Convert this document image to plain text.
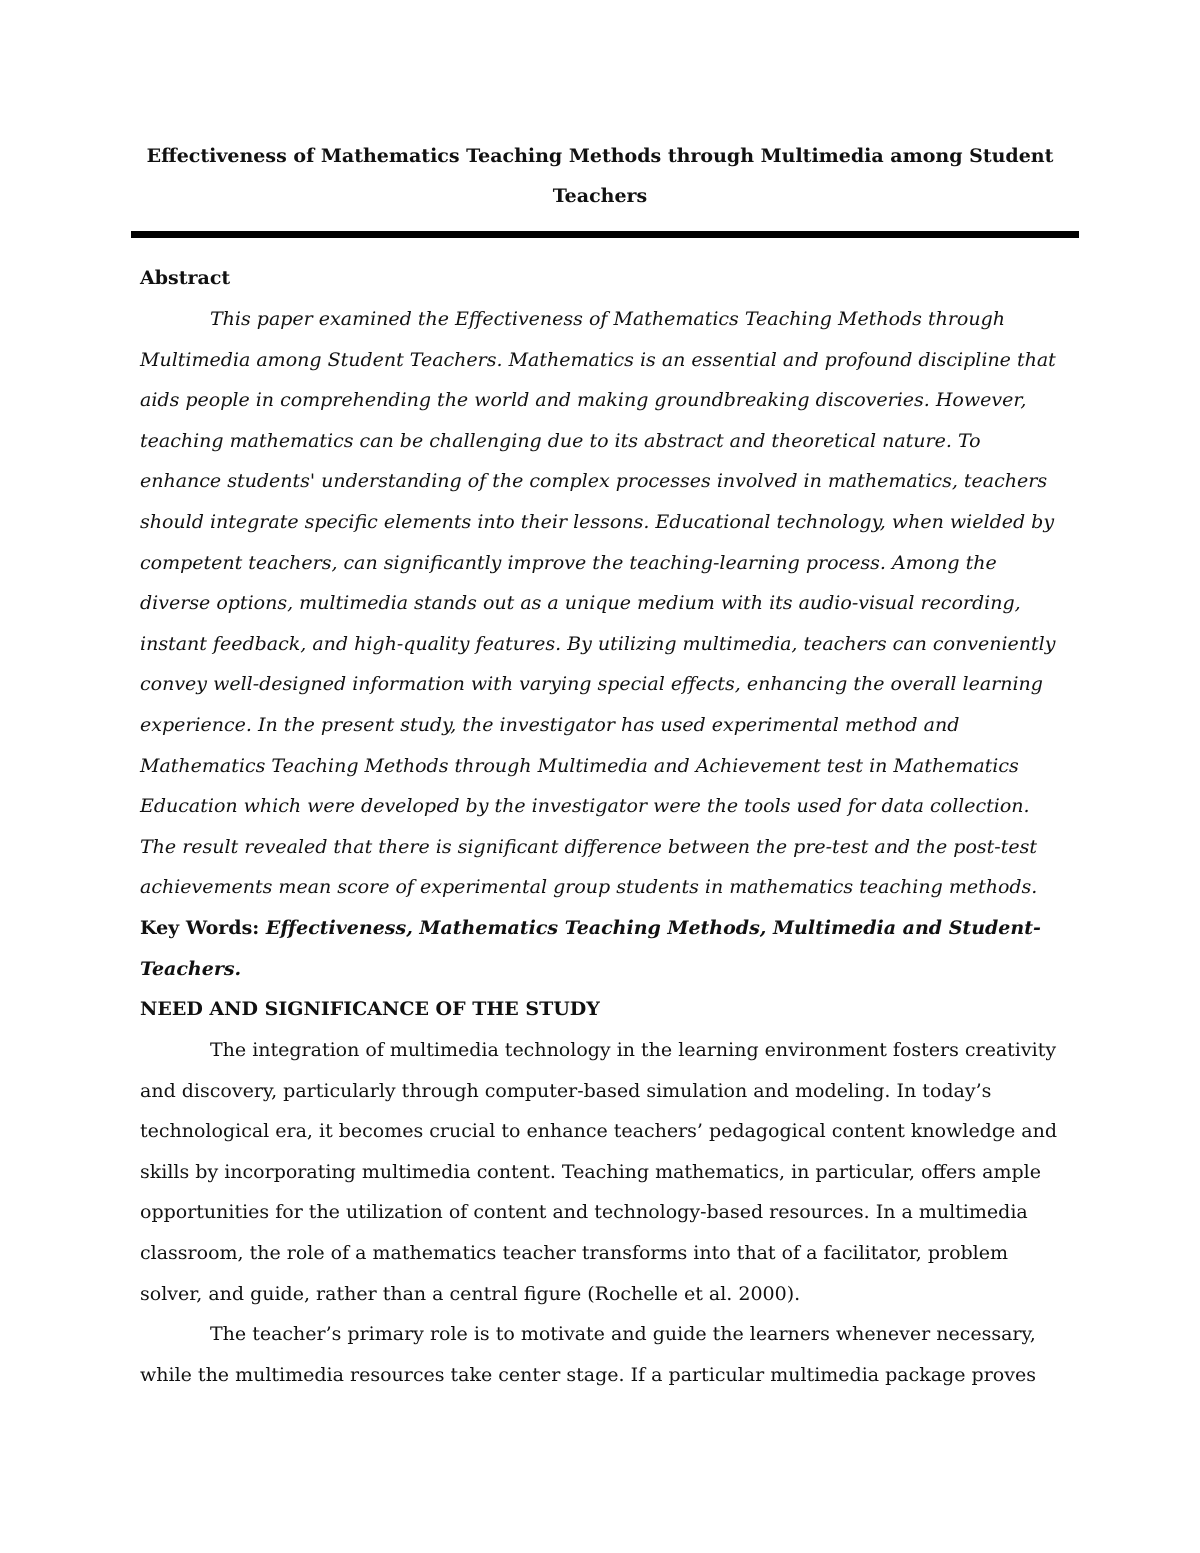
Effectiveness of Mathematics Teaching Methods through Multimedia among Student Teachers

Abstract

This paper examined the Effectiveness of Mathematics Teaching Methods through Multimedia among Student Teachers. Mathematics is an essential and profound discipline that aids people in comprehending the world and making groundbreaking discoveries. However, teaching mathematics can be challenging due to its abstract and theoretical nature. To enhance students' understanding of the complex processes involved in mathematics, teachers should integrate specific elements into their lessons. Educational technology, when wielded by competent teachers, can significantly improve the teaching-learning process. Among the diverse options, multimedia stands out as a unique medium with its audio-visual recording, instant feedback, and high-quality features. By utilizing multimedia, teachers can conveniently convey well-designed information with varying special effects, enhancing the overall learning experience. In the present study, the investigator has used experimental method and Mathematics Teaching Methods through Multimedia and Achievement test in Mathematics Education which were developed by the investigator were the tools used for data collection. The result revealed that there is significant difference between the pre-test and the post-test achievements mean score of experimental group students in mathematics teaching methods.

Key Words: Effectiveness, Mathematics Teaching Methods, Multimedia and Student-Teachers.

NEED AND SIGNIFICANCE OF THE STUDY

The integration of multimedia technology in the learning environment fosters creativity and discovery, particularly through computer-based simulation and modeling. In today’s technological era, it becomes crucial to enhance teachers’ pedagogical content knowledge and skills by incorporating multimedia content. Teaching mathematics, in particular, offers ample opportunities for the utilization of content and technology-based resources. In a multimedia classroom, the role of a mathematics teacher transforms into that of a facilitator, problem solver, and guide, rather than a central figure (Rochelle et al. 2000).

The teacher’s primary role is to motivate and guide the learners whenever necessary, while the multimedia resources take center stage. If a particular multimedia package proves
